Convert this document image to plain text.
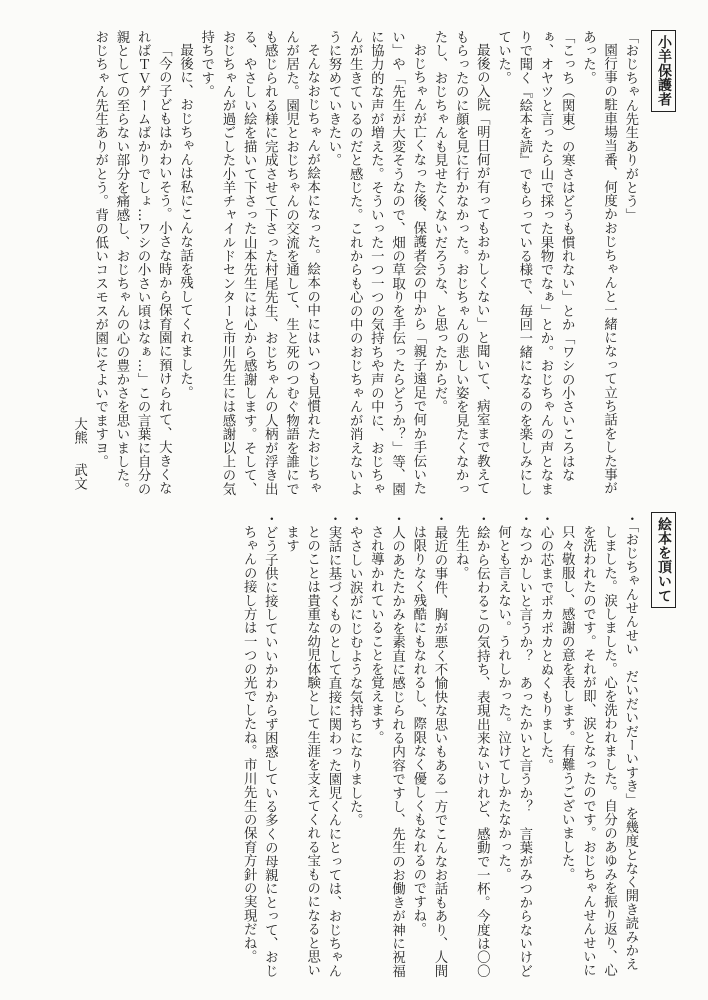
小羊保護者

「おじちゃん先生ありがとう」

園行事の駐車場当番、何度かおじちゃんと一緒になって立ち話をした事があった。

「こっち（関東）の寒さはどうも慣れない」とか「ワシの小さいころはなぁ、オヤツと言ったら山で採った果物でなぁ」とか。おじちゃんの声となまりで聞く『絵本を読』でもらっている様で、毎回一緒になるのを楽しみにしていた。

最後の入院「明日何が有ってもおかしくない」と聞いて、病室まで教えてもらったのに顔を見に行かなかった。おじちゃんの悲しい姿を見たくなかったし、おじちゃんも見せたくないだろうな、と思ったからだ。

おじちゃんが亡くなった後、保護者会の中から「親子遠足で何か手伝いたい」や「先生が大変そうなので、畑の草取りを手伝ったらどうか？」等、園に協力的な声が増えた。そういった一つ一つの気持ちや声の中に、おじちゃんが生きているのだと感じた。これからも心の中のおじちゃんが消えないように努めていきたい。

そんなおじちゃんが絵本になった。絵本の中にはいつも見慣れたおじちゃんが居た。園児とおじちゃんの交流を通して、生と死のつむぐ物語を誰にでも感じられる様に完成させて下さった村尾先生、おじちゃんの人柄が浮き出る、やさしい絵を描いて下さった山本先生には心から感謝します。そして、おじちゃんが過ごした小羊チャイルドセンターと市川先生には感謝以上の気持ちです。

最後に、おじちゃんは私にこんな話を残してくれました。

「今の子どもはかわいそう。小さな時から保育園に預けられて、大きくなればＴＶゲームばかりでしょ…ワシの小さい頃はなぁ…」この言葉に自分の親としての至らない部分を痛感し、おじちゃんの心の豊かさを思いました。おじちゃん先生ありがとう。背の低いコスモスが園にそよいでますヨ。

大熊 武文

絵本を頂いて

・「おじちゃんせんせい　だいだいだーいすき」を幾度となく開き読みかえしました。涙しました。心を洗われました。自分のあゆみを振り返り、心を洗われたのです。それが即、涙となったのです。おじちゃんせんせいに只々敬服し、感謝の意を表します。有難うございました。

・心の芯までポカポカとぬくもりました。

・なつかしいと言うか？　あったかいと言うか？　言葉がみつからないけど何とも言えない。うれしかった。泣けてしかたなかった。

・絵から伝わるこの気持ち、表現出来ないけれど、感動で一杯。今度は〇〇先生ね。

・最近の事件、胸が悪く不愉快な思いもある一方でこんなお話もあり、人間は限りなく残酷にもなれるし、際限なく優しくもなれるのですね。

・人のあたたかみを素直に感じられる内容ですし、先生のお働きが神に祝福され導かれていることを覚えます。

・やさしい涙がにじむような気持ちになりました。

・実話に基づくものとして直接に関わった園児くんにとっては、おじちゃんとのことは貴重な幼児体験として生涯を支えてくれる宝ものになると思います

・どう子供に接していいかわからず困惑している多くの母親にとって、おじちゃんの接し方は一つの光でしたね。市川先生の保育方針の実現だね。
